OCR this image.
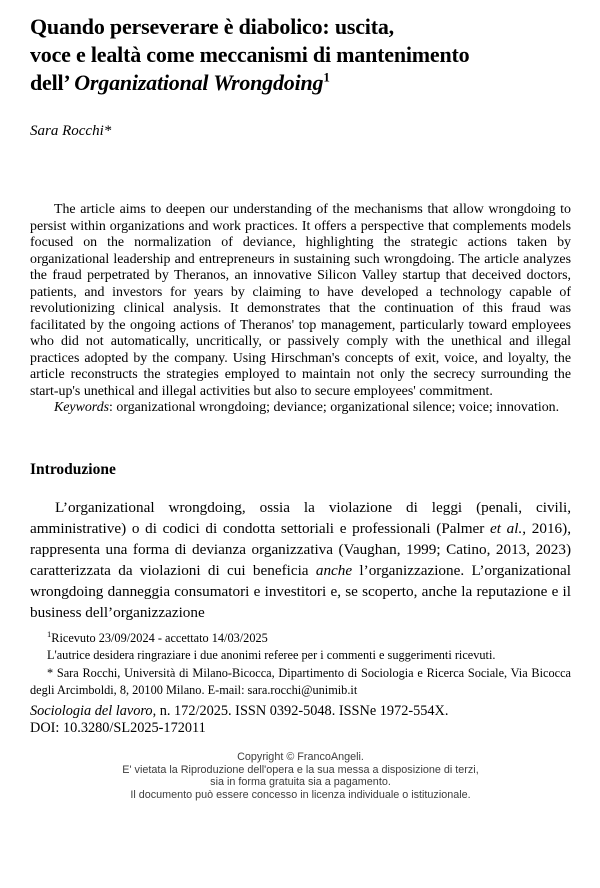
Quando perseverare è diabolico: uscita,
voce e lealtà come meccanismi di mantenimento
dell’ Organizational Wrongdoing$^1$
Sara Rocchi*

The article aims to deepen our understanding of the mechanisms that allow wrongdoing to persist within organizations and work practices. It offers a perspective that complements models focused on the normalization of deviance, highlighting the strategic actions taken by organizational leadership and entrepreneurs in sustaining such wrongdoing. The article analyzes the fraud perpetrated by Theranos, an innovative Silicon Valley startup that deceived doctors, patients, and investors for years by claiming to have developed a technology capable of revolutionizing clinical analysis. It demonstrates that the continuation of this fraud was facilitated by the ongoing actions of Theranos' top management, particularly toward employees who did not automatically, uncritically, or passively comply with the unethical and illegal practices adopted by the company. Using Hirschman's concepts of exit, voice, and loyalty, the article reconstructs the strategies employed to maintain not only the secrecy surrounding the start-up's unethical and illegal activities but also to secure employees' commitment.

Keywords: organizational wrongdoing; deviance; organizational silence; voice; innovation.

Introduzione

L’organizational wrongdoing, ossia la violazione di leggi (penali, civili, amministrative) o di codici di condotta settoriali e professionali (Palmer et al., 2016), rappresenta una forma di devianza organizzativa (Vaughan, 1999; Catino, 2013, 2023) caratterizzata da violazioni di cui beneficia anche l’organizzazione. L’organizational wrongdoing danneggia consumatori e investitori e, se scoperto, anche la reputazione e il business dell’organizzazione

$^1$Ricevuto 23/09/2024 - accettato 14/03/2025

L'autrice desidera ringraziare i due anonimi referee per i commenti e suggerimenti ricevuti.

* Sara Rocchi, Università di Milano-Bicocca, Dipartimento di Sociologia e Ricerca Sociale, Via Bicocca degli Arcimboldi, 8, 20100 Milano. E-mail: sara.rocchi@unimib.it

Sociologia del lavoro, n. 172/2025. ISSN 0392-5048. ISSNe 1972-554X.

DOI: 10.3280/SL2025-172011

Copyright © FrancoAngeli.
E' vietata la Riproduzione dell'opera e la sua messa a disposizione di terzi,
sia in forma gratuita sia a pagamento.
Il documento può essere concesso in licenza individuale o istituzionale.
